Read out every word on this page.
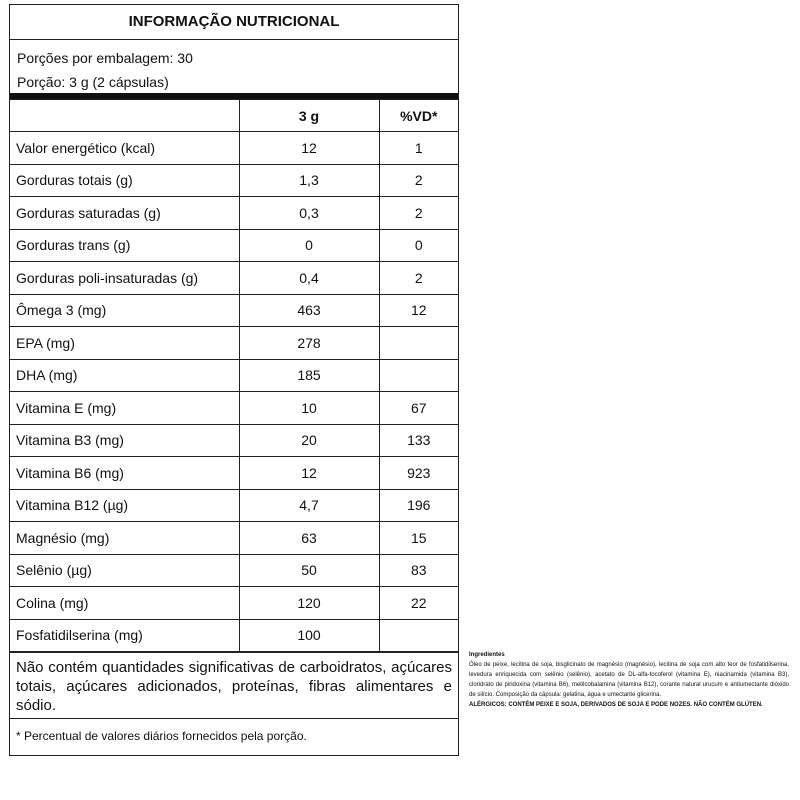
INFORMAÇÃO NUTRICIONAL
Porções por embalagem: 30
Porção: 3 g (2 cápsulas)
	3 g	%VD*
Valor energético (kcal)	12	1
Gorduras totais (g)	1,3	2
Gorduras saturadas (g)	0,3	2
Gorduras trans (g)	0	0
Gorduras poli-insaturadas (g)	0,4	2
Ômega 3 (mg)	463	12
EPA (mg)	278	
DHA (mg)	185	
Vitamina E (mg)	10	67
Vitamina B3 (mg)	20	133
Vitamina B6 (mg)	12	923
Vitamina B12 (µg)	4,7	196
Magnésio (mg)	63	15
Selênio (µg)	50	83
Colina (mg)	120	22
Fosfatidilserina (mg)	100	
Não contém quantidades significativas de carboidratos, açúcares totais, açúcares adicionados, proteínas, fibras alimentares e sódio.
* Percentual de valores diários fornecidos pela porção.
Ingredientes
Óleo de peixe, lecitina de soja, bisglicinato de magnésio (magnésio), lecitina de soja com alto teor de fosfatidilserina, levedura enriquecida com selênio (selênio), acetato de DL-alfa-tocoferol (vitamina E), niacinamida (vitamina B3), cloridrato de piridoxina (vitamina B6), metilcobalamina (vitamina B12), corante natural urucum e antiumectante dióxido de silício. Composição da cápsula: gelatina, água e umectante glicerina.
ALÉRGICOS: CONTÉM PEIXE E SOJA, DERIVADOS DE SOJA E PODE NOZES. NÃO CONTÉM GLÚTEN.
